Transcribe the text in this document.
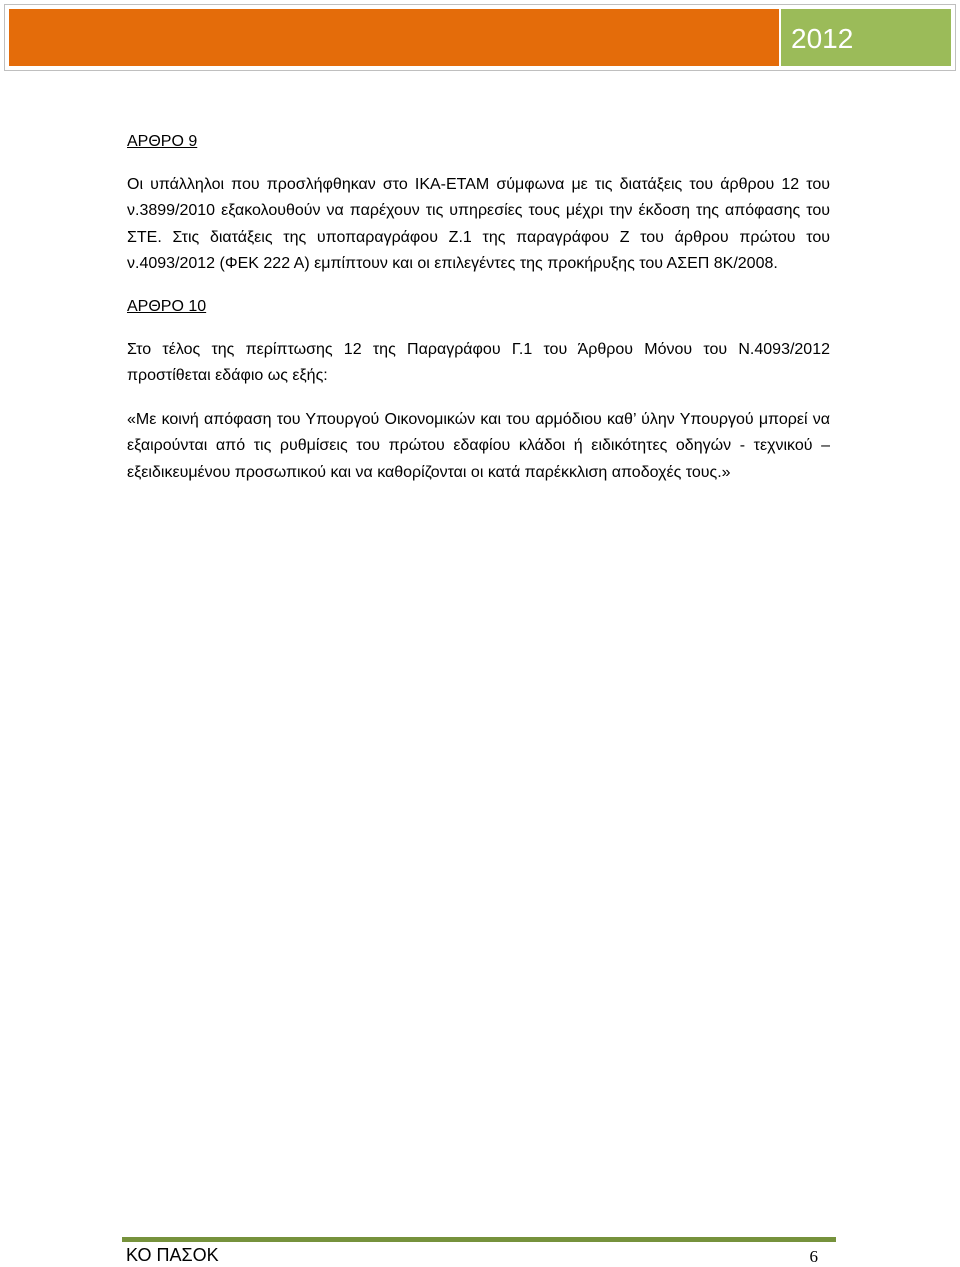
2012
ΑΡΘΡΟ 9

Οι υπάλληλοι που προσλήφθηκαν στο ΙΚΑ-ΕΤΑΜ σύμφωνα με τις διατάξεις του άρθρου 12 του ν.3899/2010 εξακολουθούν να παρέχουν τις υπηρεσίες τους μέχρι την έκδοση της απόφασης του ΣΤΕ. Στις διατάξεις της υποπαραγράφου Ζ.1 της παραγράφου Ζ του άρθρου πρώτου του ν.4093/2012 (ΦΕΚ 222 Α) εμπίπτουν και οι επιλεγέντες της προκήρυξης του ΑΣΕΠ 8Κ/2008.

ΑΡΘΡΟ 10

Στο τέλος της περίπτωσης 12 της Παραγράφου Γ.1 του Άρθρου Μόνου του Ν.4093/2012 προστίθεται εδάφιο ως εξής:

«Με κοινή απόφαση του Υπουργού Οικονομικών και του αρμόδιου καθ’ ύλην Υπουργού μπορεί να εξαιρούνται από τις ρυθμίσεις του πρώτου εδαφίου κλάδοι ή ειδικότητες οδηγών - τεχνικού – εξειδικευμένου προσωπικού και να καθορίζονται οι κατά παρέκκλιση αποδοχές τους.»

ΚΟ ΠΑΣΟΚ	6
